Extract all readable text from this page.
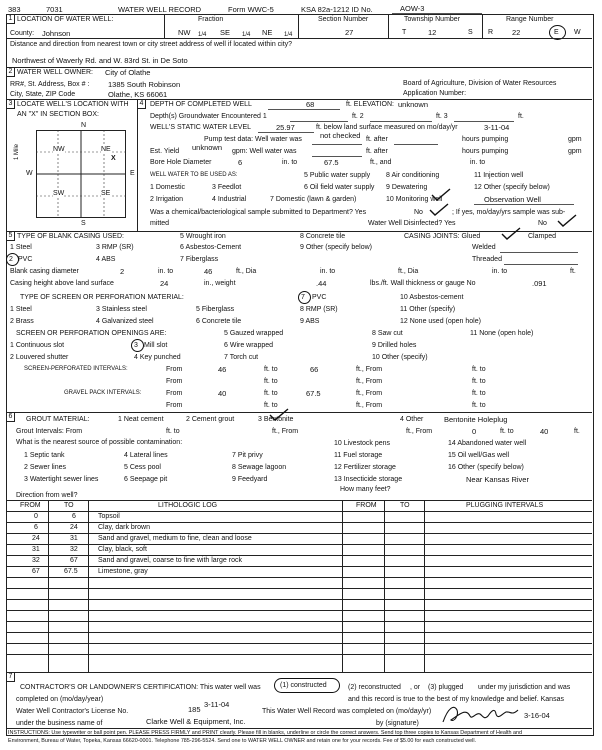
383	7031	WATER WELL RECORD	Form WWC-5	KSA 82a-1212 ID No.	AOW-3
1 LOCATION OF WATER WELL:
County: Johnson
Fraction
NW 1/4 SE 1/4 NE 1/4
Section Number
27
Township Number
T	12	S
Range Number
R	22	E W
Distance and direction from nearest town or city street address of well if located within city?
Northwest of Waverly Rd. and W. 83rd St. in De Soto
2 WATER WELL OWNER: City of Olathe
RR#, St. Address, Box # : 1385 South Robinson
City, State, ZIP Code	Olathe, KS 66061
Board of Agriculture, Division of Water Resources
Application Number:
3 LOCATE WELL'S LOCATION WITH
AN "X" IN SECTION BOX:
N
S
W	E
1 Mile	NW	NE
SW	SE
X
4 DEPTH OF COMPLETED WELL	68	ft. ELEVATION: unknown
Depth(s) Groundwater Encountered 1	ft. 2	ft. 3	ft.
WELL'S STATIC WATER LEVEL	25.97	ft. below land surface measured on mo/day/yr	3-11-04
Pump test data: Well water was not checked ft. after	hours pumping	gpm
Est. Yield unknown gpm: Well water was	ft. after	hours pumping	gpm
Bore Hole Diameter	6	in. to	67.5	ft., and	in. to
WELL WATER TO BE USED AS:
1 Domestic	3 Feedlot
5 Public water supply 8 Air conditioning	11 Injection well
2 Irrigation	4 Industrial	7 Domestic (lawn & garden)	10 Monitoring well
6 Oil field water supply 9 Dewatering	12 Other (specify below)
Observation Well
Was a chemical/bacteriological sample submitted to Department? Yes	No	; If yes, mo/day/yrs sample was sub-
mitted	Water Well Disinfected? Yes	No
5 TYPE OF BLANK CASING USED:
1 Steel	3 RMP (SR)
5 Wrought iron	8 Concrete tile
PVC
2	4 ABS
6 Asbestos-Cement
7 Fiberglass
9 Other (specify below)
CASING JOINTS: Glued	Clamped
Welded
Threaded
Blank casing diameter	2	in. to	46	ft., Dia	in. to	ft., Dia	in. to	ft.
Casing height above land surface	24	in., weight	.44	lbs./ft. Wall thickness or gauge No	.091
TYPE OF SCREEN OR PERFORATION MATERIAL:
1 Steel	3 Stainless steel	5 Fiberglass
PVC
7	10 Asbestos-cement
2 Brass	4 Galvanized steel	6 Concrete tile
8 RMP (SR)	11 Other (specify)
9 ABS	12 None used (open hole)
SCREEN OR PERFORATION OPENINGS ARE:
1 Continuous slot	Mill slot
3
5 Gauzed wrapped	8 Saw cut	11 None (open hole)
2 Louvered shutter	4 Key punched
6 Wire wrapped
7 Torch cut
9 Drilled holes
10 Other (specify)
SCREEN-PERFORATED INTERVALS:	From	46	ft. to	66	ft., From	ft. to
From	ft. to	ft., From	ft. to
GRAVEL PACK INTERVALS:	From	40	ft. to	67.5	ft., From	ft. to
From	ft. to	ft., From	ft. to
6	GROUT MATERIAL:	1 Neat cement	2 Cement grout	3 Bentonite	4 Other	Bentonite Holeplug
Grout Intervals: From	ft. to	ft., From	ft., From	0	ft. to	40	ft.
What is the nearest source of possible contamination:
1 Septic tank	4 Lateral lines	7 Pit privy
10 Livestock pens	14 Abandoned water well
2 Sewer lines	5 Cess pool	8 Sewage lagoon
11 Fuel storage	15 Oil well/Gas well
3 Watertight sewer lines	6 Seepage pit	9 Feedyard
12 Fertilizer storage	16 Other (specify below)
13 Insecticide storage	Near Kansas River
Direction from well?
How many feet?
FROM	TO	LITHOLOGIC LOG	FROM	TO	PLUGGING INTERVALS
0	6	Topsoil
6	24	Clay, dark brown
24	31	Sand and gravel, medium to fine, clean and loose
31	32	Clay, black, soft
32	67	Sand and gravel, coarse to fine with large rock
67	67.5	Limestone, gray
7
CONTRACTOR'S OR LANDOWNER'S CERTIFICATION: This water well was	(1) constructed	(2) reconstructed , or (3) plugged under my jurisdiction and was
completed on (mo/day/year)
3-11-04
and this record is true to the best of my knowledge and belief. Kansas
Water Well Contractor's License No.	185	This Water Well Record was completed on (mo/day/yr)	3-16-04
under the business name of	Clarke Well & Equipment, Inc.	by (signature)
INSTRUCTIONS: Use typewriter or ball point pen. PLEASE PRESS FIRMLY and PRINT clearly. Please fill in blanks, underline or circle the correct answers. Send top three copies to Kansas Department of Health and
Environment, Bureau of Water, Topeka, Kansas 66620-0001. Telephone 785-296-5524. Send one to WATER WELL OWNER and retain one for your records. Fee of $5.00 for each constructed well.
